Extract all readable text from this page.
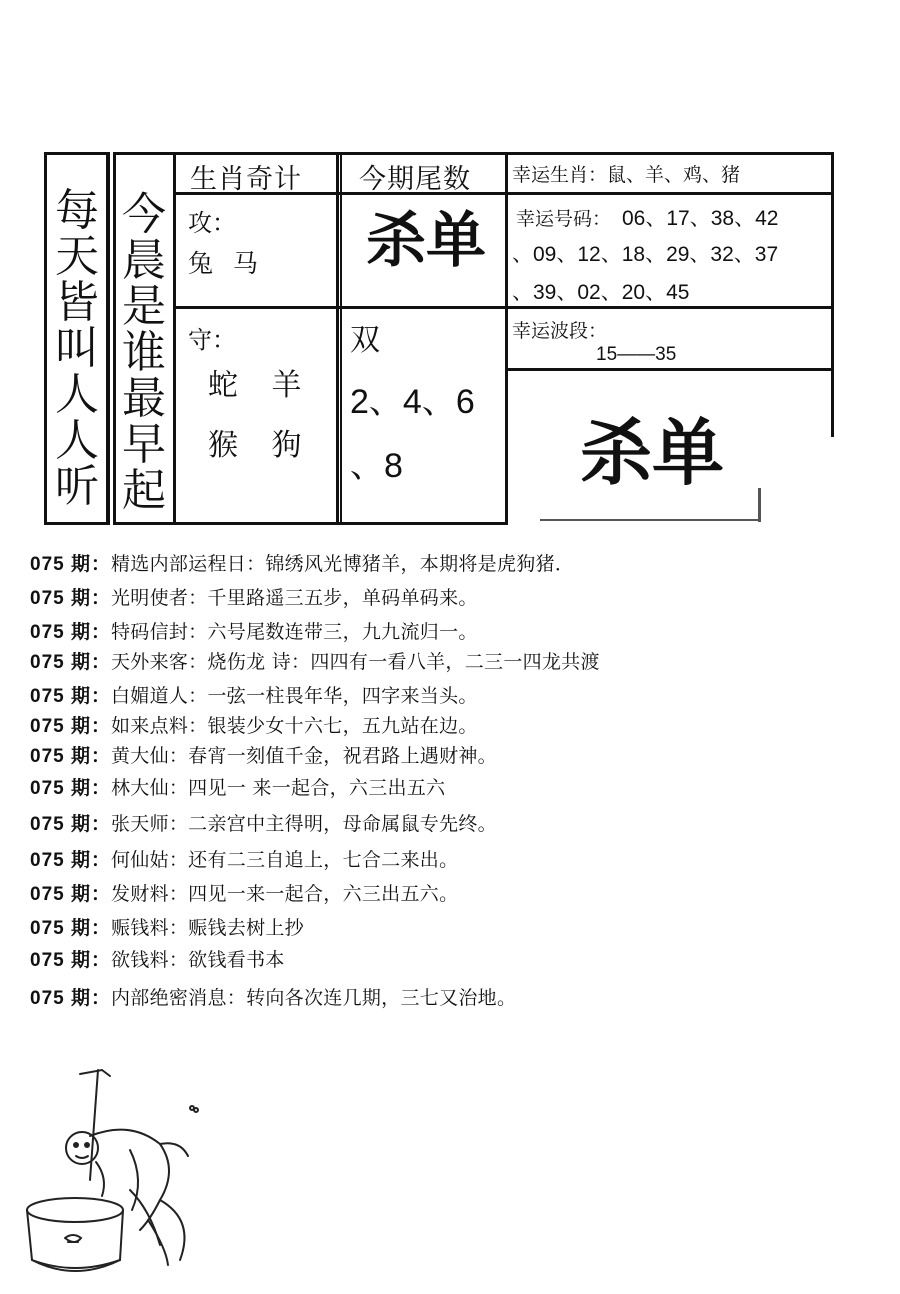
每
天
皆
叫
人
人
听
今
晨
是
谁
最
早
起
生肖奇计 今期尾数
攻：
兔 马
守：
蛇 羊
猴 狗
杀单
双
2、4、6
、8
幸运生肖：鼠、羊、鸡、猪
幸运号码： 06、17、38、42
、09、12、18、29、32、37
、39、02、20、45
幸运波段：
15——35
杀单
075 期：精选内部运程日：锦绣风光博猪羊，本期将是虎狗猪．
075 期：光明使者：千里路遥三五步，单码单码来。
075 期：特码信封：六号尾数连带三，九九流归一。
075 期：天外来客：烧伤龙 诗：四四有一看八羊，二三一四龙共渡
075 期：白媚道人：一弦一柱畏年华，四字来当头。
075 期：如来点料：银装少女十六七，五九站在边。
075 期：黄大仙：春宵一刻值千金，祝君路上遇财神。
075 期：林大仙：四见一 来一起合，六三出五六
075 期：张天师：二亲宫中主得明，母命属鼠专先终。
075 期：何仙姑：还有二三自追上，七合二来出。
075 期：发财料：四见一来一起合，六三出五六。
075 期：赈钱料：赈钱去树上抄
075 期：欲钱料：欲钱看书本
075 期：内部绝密消息：转向各次连几期，三七又治地。
